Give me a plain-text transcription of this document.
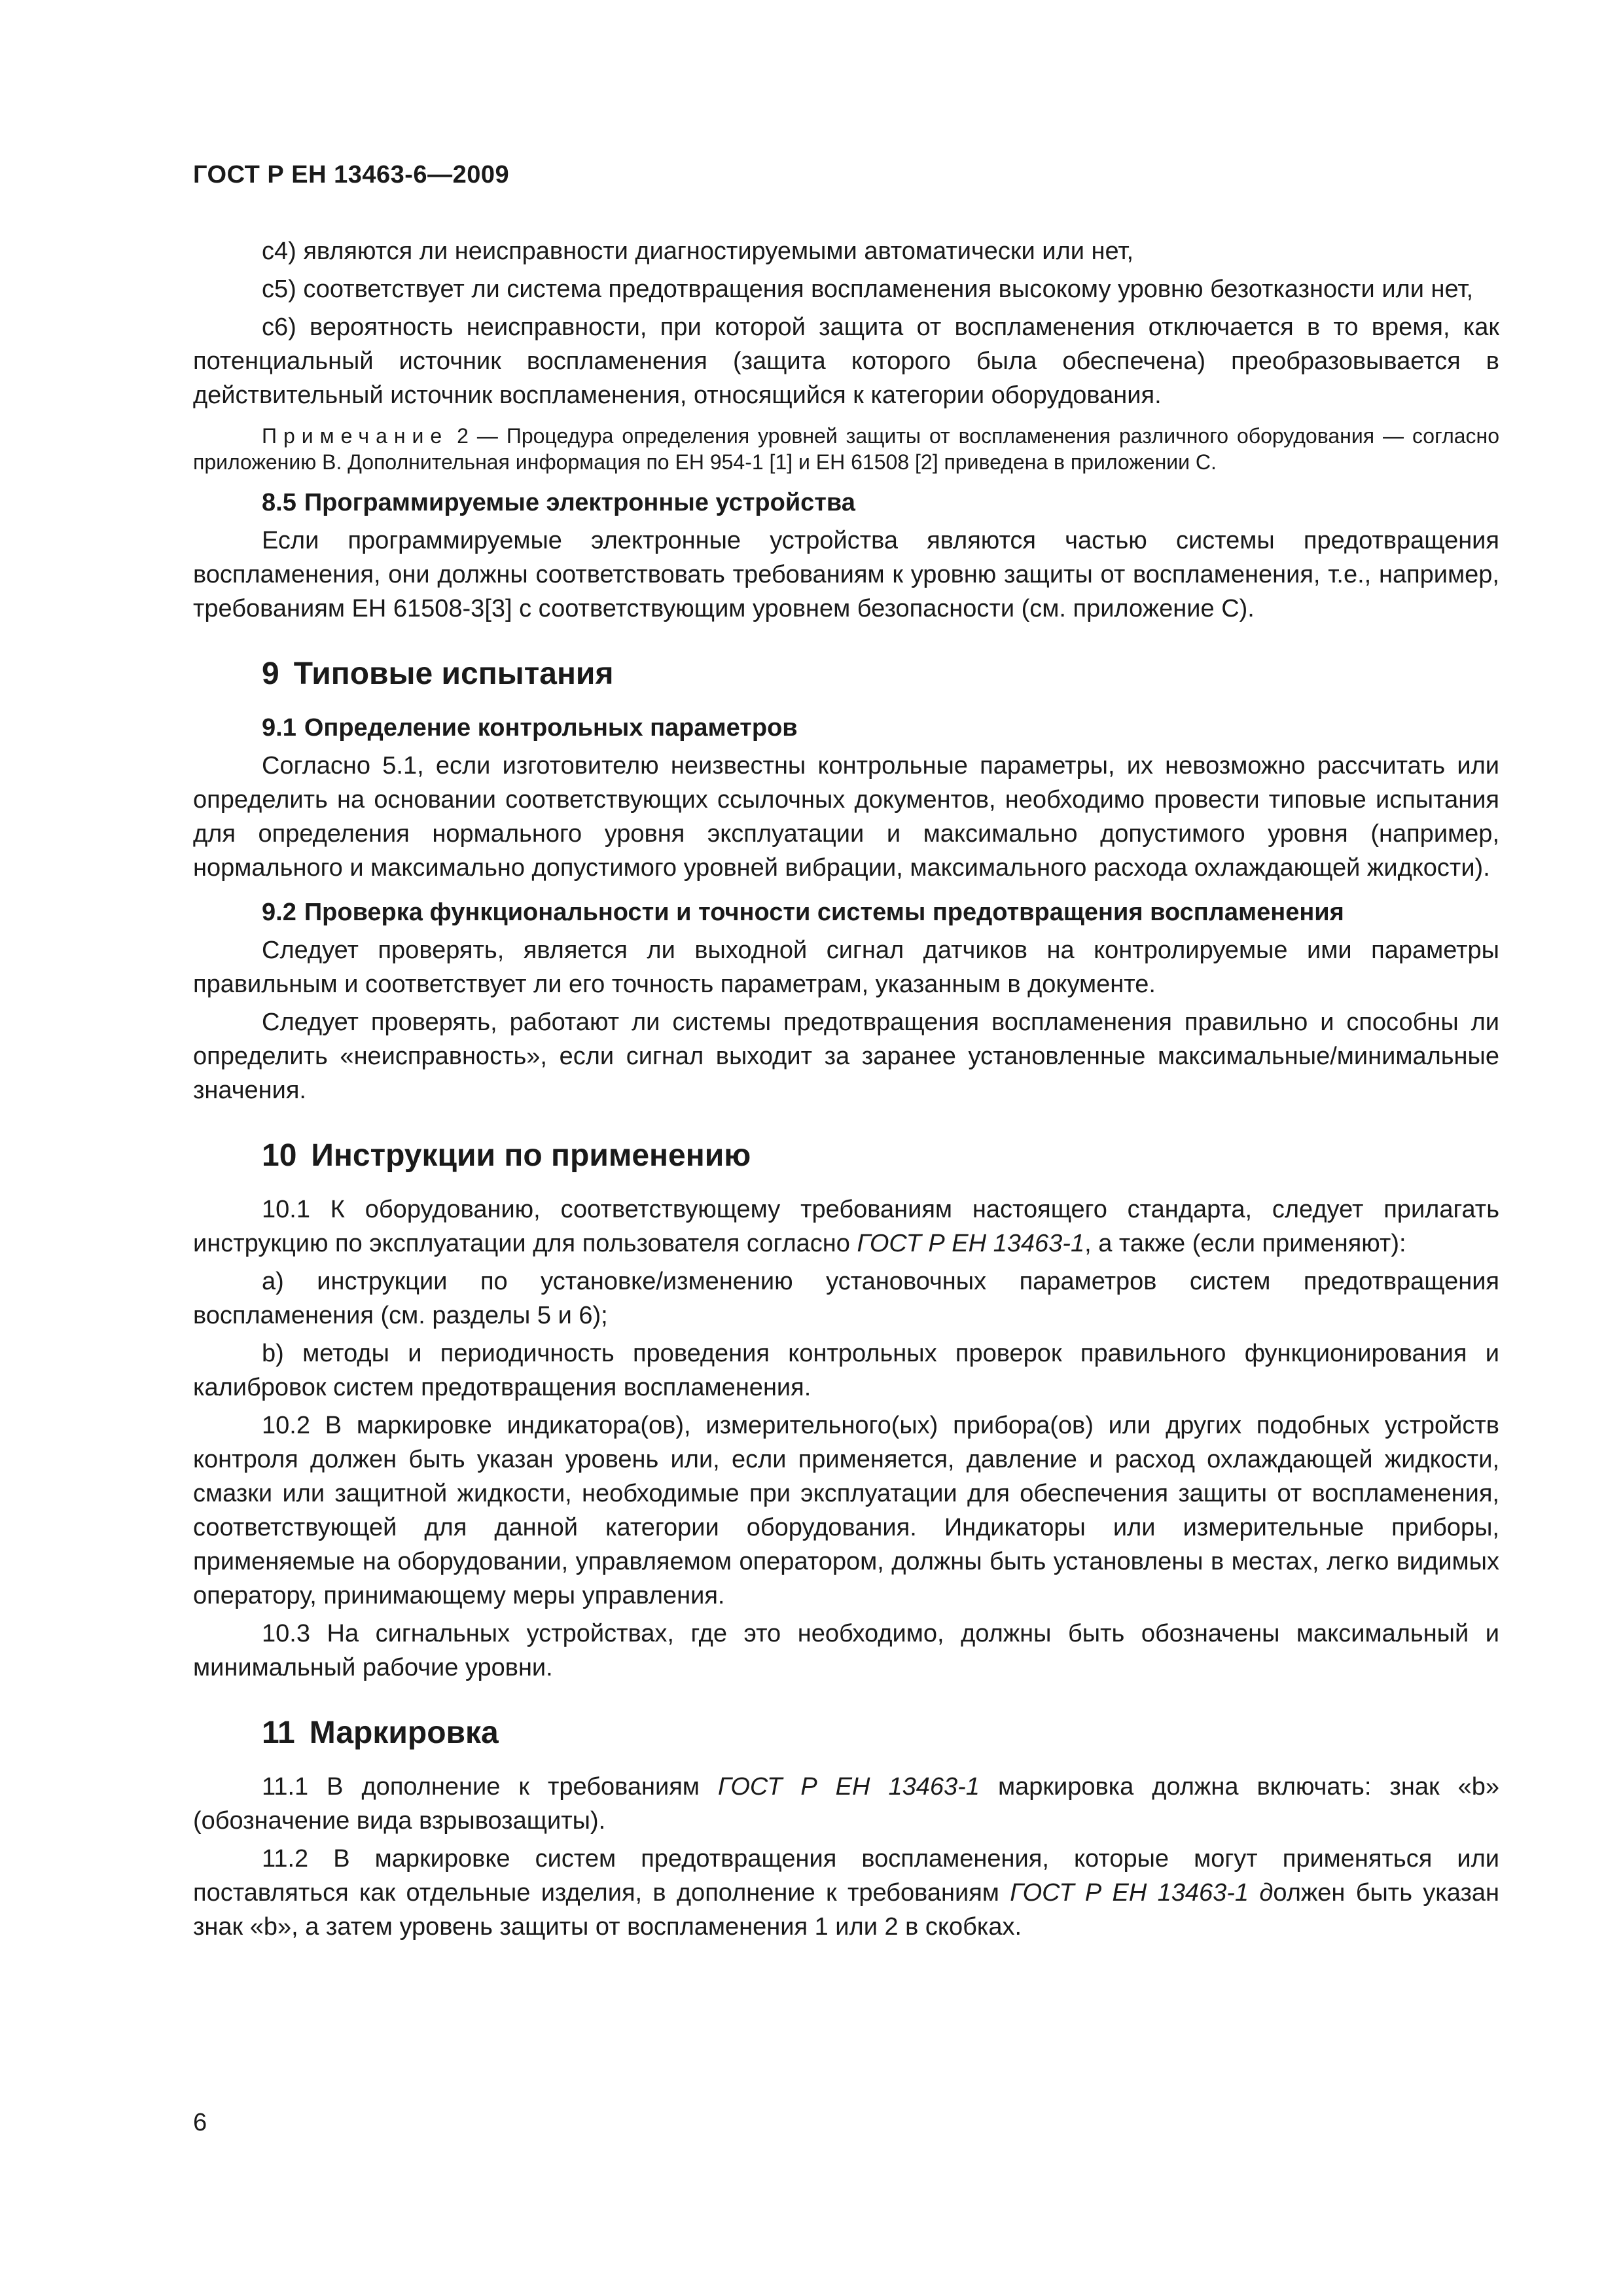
ГОСТ Р ЕН 13463-6—2009

с4) являются ли неисправности диагностируемыми автоматически или нет,

с5) соответствует ли система предотвращения воспламенения высокому уровню безотказности или нет,

с6) вероятность неисправности, при которой защита от воспламенения отключается в то время, как потенциальный источник воспламенения (защита которого была обеспечена) преобразовывается в действительный источник воспламенения, относящийся к категории оборудования.

Примечание 2 — Процедура определения уровней защиты от воспламенения различного оборудования — согласно приложению В. Дополнительная информация по ЕН 954-1 [1] и ЕН 61508 [2] приведена в приложении С.

8.5 Программируемые электронные устройства

Если программируемые электронные устройства являются частью системы предотвращения воспламенения, они должны соответствовать требованиям к уровню защиты от воспламенения, т.е., например, требованиям ЕН 61508-3[3] с соответствующим уровнем безопасности (см. приложение С).

9 Типовые испытания

9.1 Определение контрольных параметров

Согласно 5.1, если изготовителю неизвестны контрольные параметры, их невозможно рассчитать или определить на основании соответствующих ссылочных документов, необходимо провести типовые испытания для определения нормального уровня эксплуатации и максимально допустимого уровня (например, нормального и максимально допустимого уровней вибрации, максимального расхода охлаждающей жидкости).

9.2 Проверка функциональности и точности системы предотвращения воспламенения

Следует проверять, является ли выходной сигнал датчиков на контролируемые ими параметры правильным и соответствует ли его точность параметрам, указанным в документе.

Следует проверять, работают ли системы предотвращения воспламенения правильно и способны ли определить «неисправность», если сигнал выходит за заранее установленные максимальные/минимальные значения.

10 Инструкции по применению

10.1 К оборудованию, соответствующему требованиям настоящего стандарта, следует прилагать инструкцию по эксплуатации для пользователя согласно ГОСТ Р ЕН 13463-1, а также (если применяют):

a) инструкции по установке/изменению установочных параметров систем предотвращения воспламенения (см. разделы 5 и 6);

b) методы и периодичность проведения контрольных проверок правильного функционирования и калибровок систем предотвращения воспламенения.

10.2 В маркировке индикатора(ов), измерительного(ых) прибора(ов) или других подобных устройств контроля должен быть указан уровень или, если применяется, давление и расход охлаждающей жидкости, смазки или защитной жидкости, необходимые при эксплуатации для обеспечения защиты от воспламенения, соответствующей для данной категории оборудования. Индикаторы или измерительные приборы, применяемые на оборудовании, управляемом оператором, должны быть установлены в местах, легко видимых оператору, принимающему меры управления.

10.3 На сигнальных устройствах, где это необходимо, должны быть обозначены максимальный и минимальный рабочие уровни.

11 Маркировка

11.1 В дополнение к требованиям ГОСТ Р ЕН 13463-1 маркировка должна включать: знак «b» (обозначение вида взрывозащиты).

11.2 В маркировке систем предотвращения воспламенения, которые могут применяться или поставляться как отдельные изделия, в дополнение к требованиям ГОСТ Р ЕН 13463-1 должен быть указан знак «b», а затем уровень защиты от воспламенения 1 или 2 в скобках.

6
